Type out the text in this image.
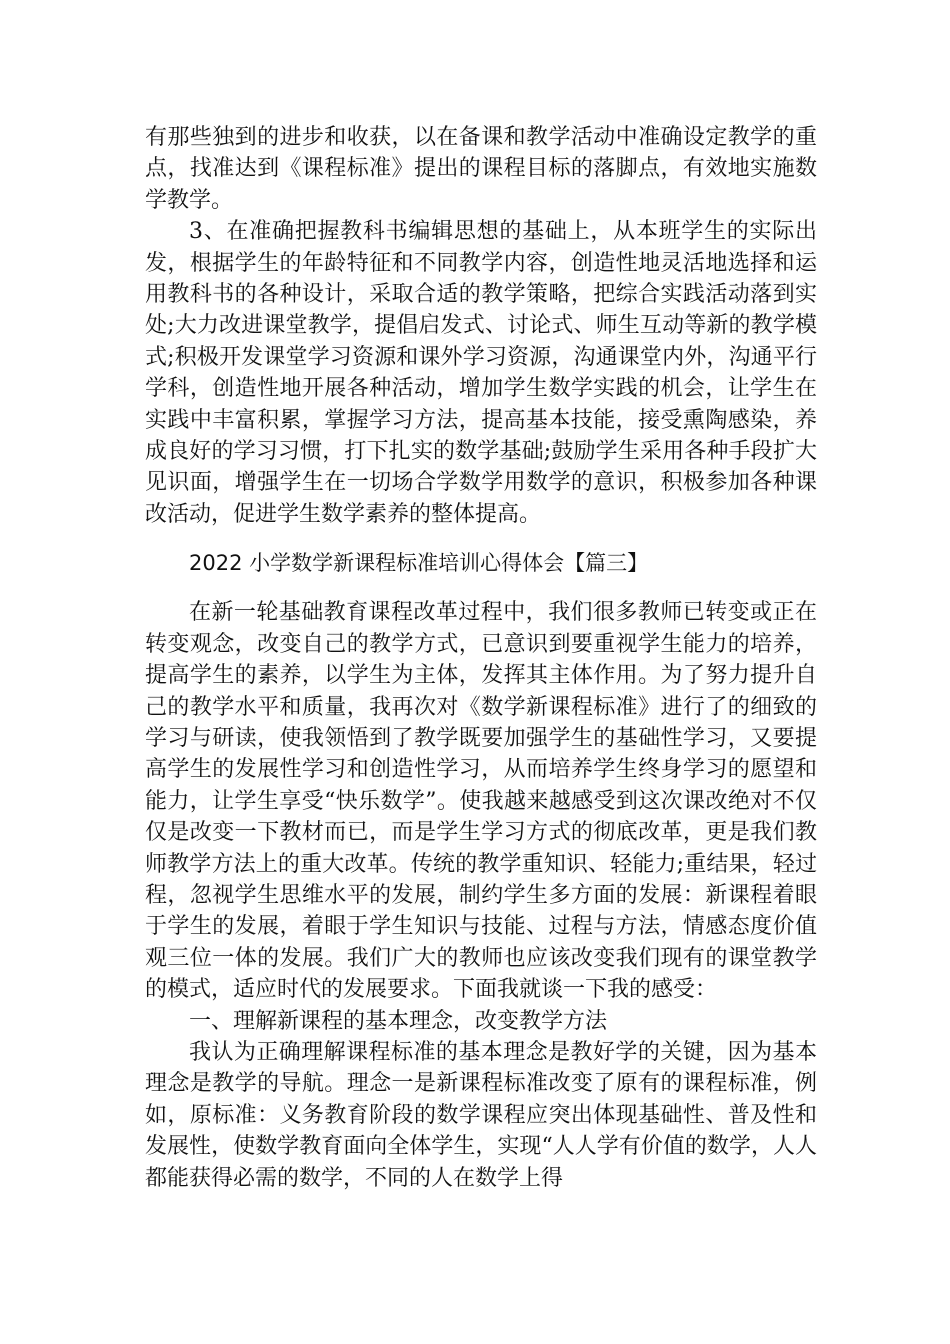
有那些独到的进步和收获，以在备课和教学活动中准确设定教学的重点，找准达到《课程标准》提出的课程目标的落脚点，有效地实施数学教学。

3、在准确把握教科书编辑思想的基础上，从本班学生的实际出发，根据学生的年龄特征和不同教学内容，创造性地灵活地选择和运用教科书的各种设计，采取合适的教学策略，把综合实践活动落到实处;大力改进课堂教学，提倡启发式、讨论式、师生互动等新的教学模式;积极开发课堂学习资源和课外学习资源，沟通课堂内外，沟通平行学科，创造性地开展各种活动，增加学生数学实践的机会，让学生在实践中丰富积累，掌握学习方法，提高基本技能，接受熏陶感染，养成良好的学习习惯，打下扎实的数学基础;鼓励学生采用各种手段扩大见识面，增强学生在一切场合学数学用数学的意识，积极参加各种课改活动，促进学生数学素养的整体提高。

2022 小学数学新课程标准培训心得体会【篇三】

在新一轮基础教育课程改革过程中，我们很多教师已转变或正在转变观念，改变自己的教学方式，已意识到要重视学生能力的培养，提高学生的素养，以学生为主体，发挥其主体作用。为了努力提升自己的教学水平和质量，我再次对《数学新课程标准》进行了的细致的学习与研读，使我领悟到了教学既要加强学生的基础性学习，又要提高学生的发展性学习和创造性学习，从而培养学生终身学习的愿望和能力，让学生享受“快乐数学”。使我越来越感受到这次课改绝对不仅仅是改变一下教材而已，而是学生学习方式的彻底改革，更是我们教师教学方法上的重大改革。传统的教学重知识、轻能力;重结果，轻过程，忽视学生思维水平的发展，制约学生多方面的发展：新课程着眼于学生的发展，着眼于学生知识与技能、过程与方法，情感态度价值观三位一体的发展。我们广大的教师也应该改变我们现有的课堂教学的模式，适应时代的发展要求。下面我就谈一下我的感受：

一、理解新课程的基本理念，改变教学方法

我认为正确理解课程标准的基本理念是教好学的关键，因为基本理念是教学的导航。理念一是新课程标准改变了原有的课程标准，例如，原标准：义务教育阶段的数学课程应突出体现基础性、普及性和发展性，使数学教育面向全体学生，实现“人人学有价值的数学，人人都能获得必需的数学，不同的人在数学上得
